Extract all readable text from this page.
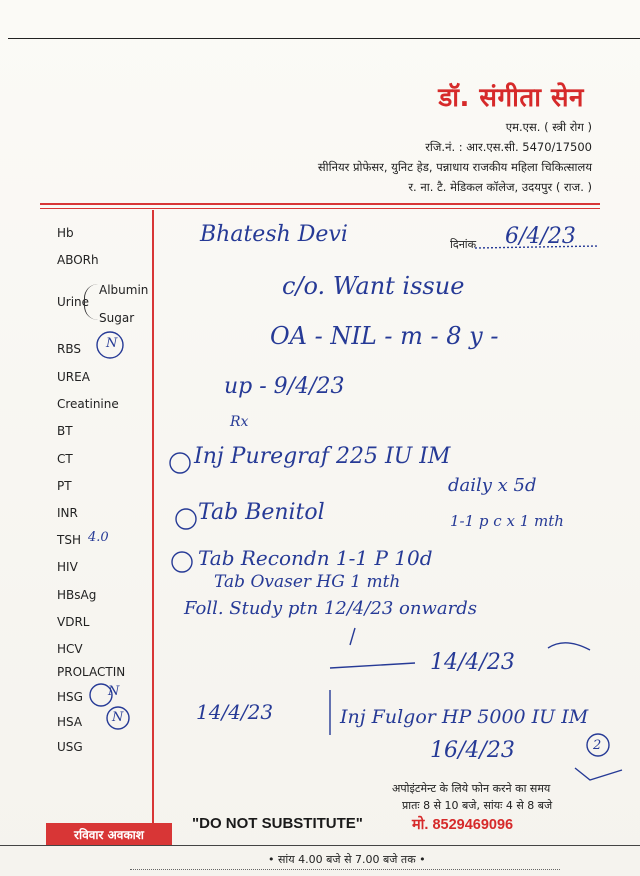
डॉ. संगीता सेन
एम.एस. ( स्त्री रोग )
रजि.नं. : आर.एस.सी. 5470/17500
सीनियर प्रोफेसर, युनिट हेड, पन्नाधाय राजकीय महिला चिकित्सालय
र. ना. टै. मेडिकल कॉलेज, उदयपुर ( राज. )
Hb
ABORh
Urine
Albumin
Sugar
RBS
UREA
Creatinine
BT
CT
PT
INR
TSH
HIV
HBsAg
VDRL
HCV
PROLACTIN
HSG
HSA
USG
Bhatesh Devi	दिनांक 6/4/23
c/o. Want issue
OA - NIL - m - 8 y -
up - 9/4/23
Rx
Inj Puregraf 225 IU IM
daily x 5d
Tab Benitol	1-1 p c x 1 mth
Tab Recondn 1-1 P 10d
Tab Ovaser HG 1 mth
Foll. Study ptn 12/4/23 onwards
14/4/23
14/4/23	Inj Fulgor HP 5000 IU IM
16/4/23
4.0
N
N
N
2
अपोइंटमेन्ट के लिये फोन करने का समय
प्रातः 8 से 10 बजे, सांयः 4 से 8 बजे
रविवार अवकाश
"DO NOT SUBSTITUTE"	मो. 8529469096
• सांय 4.00 बजे से 7.00 बजे तक •
